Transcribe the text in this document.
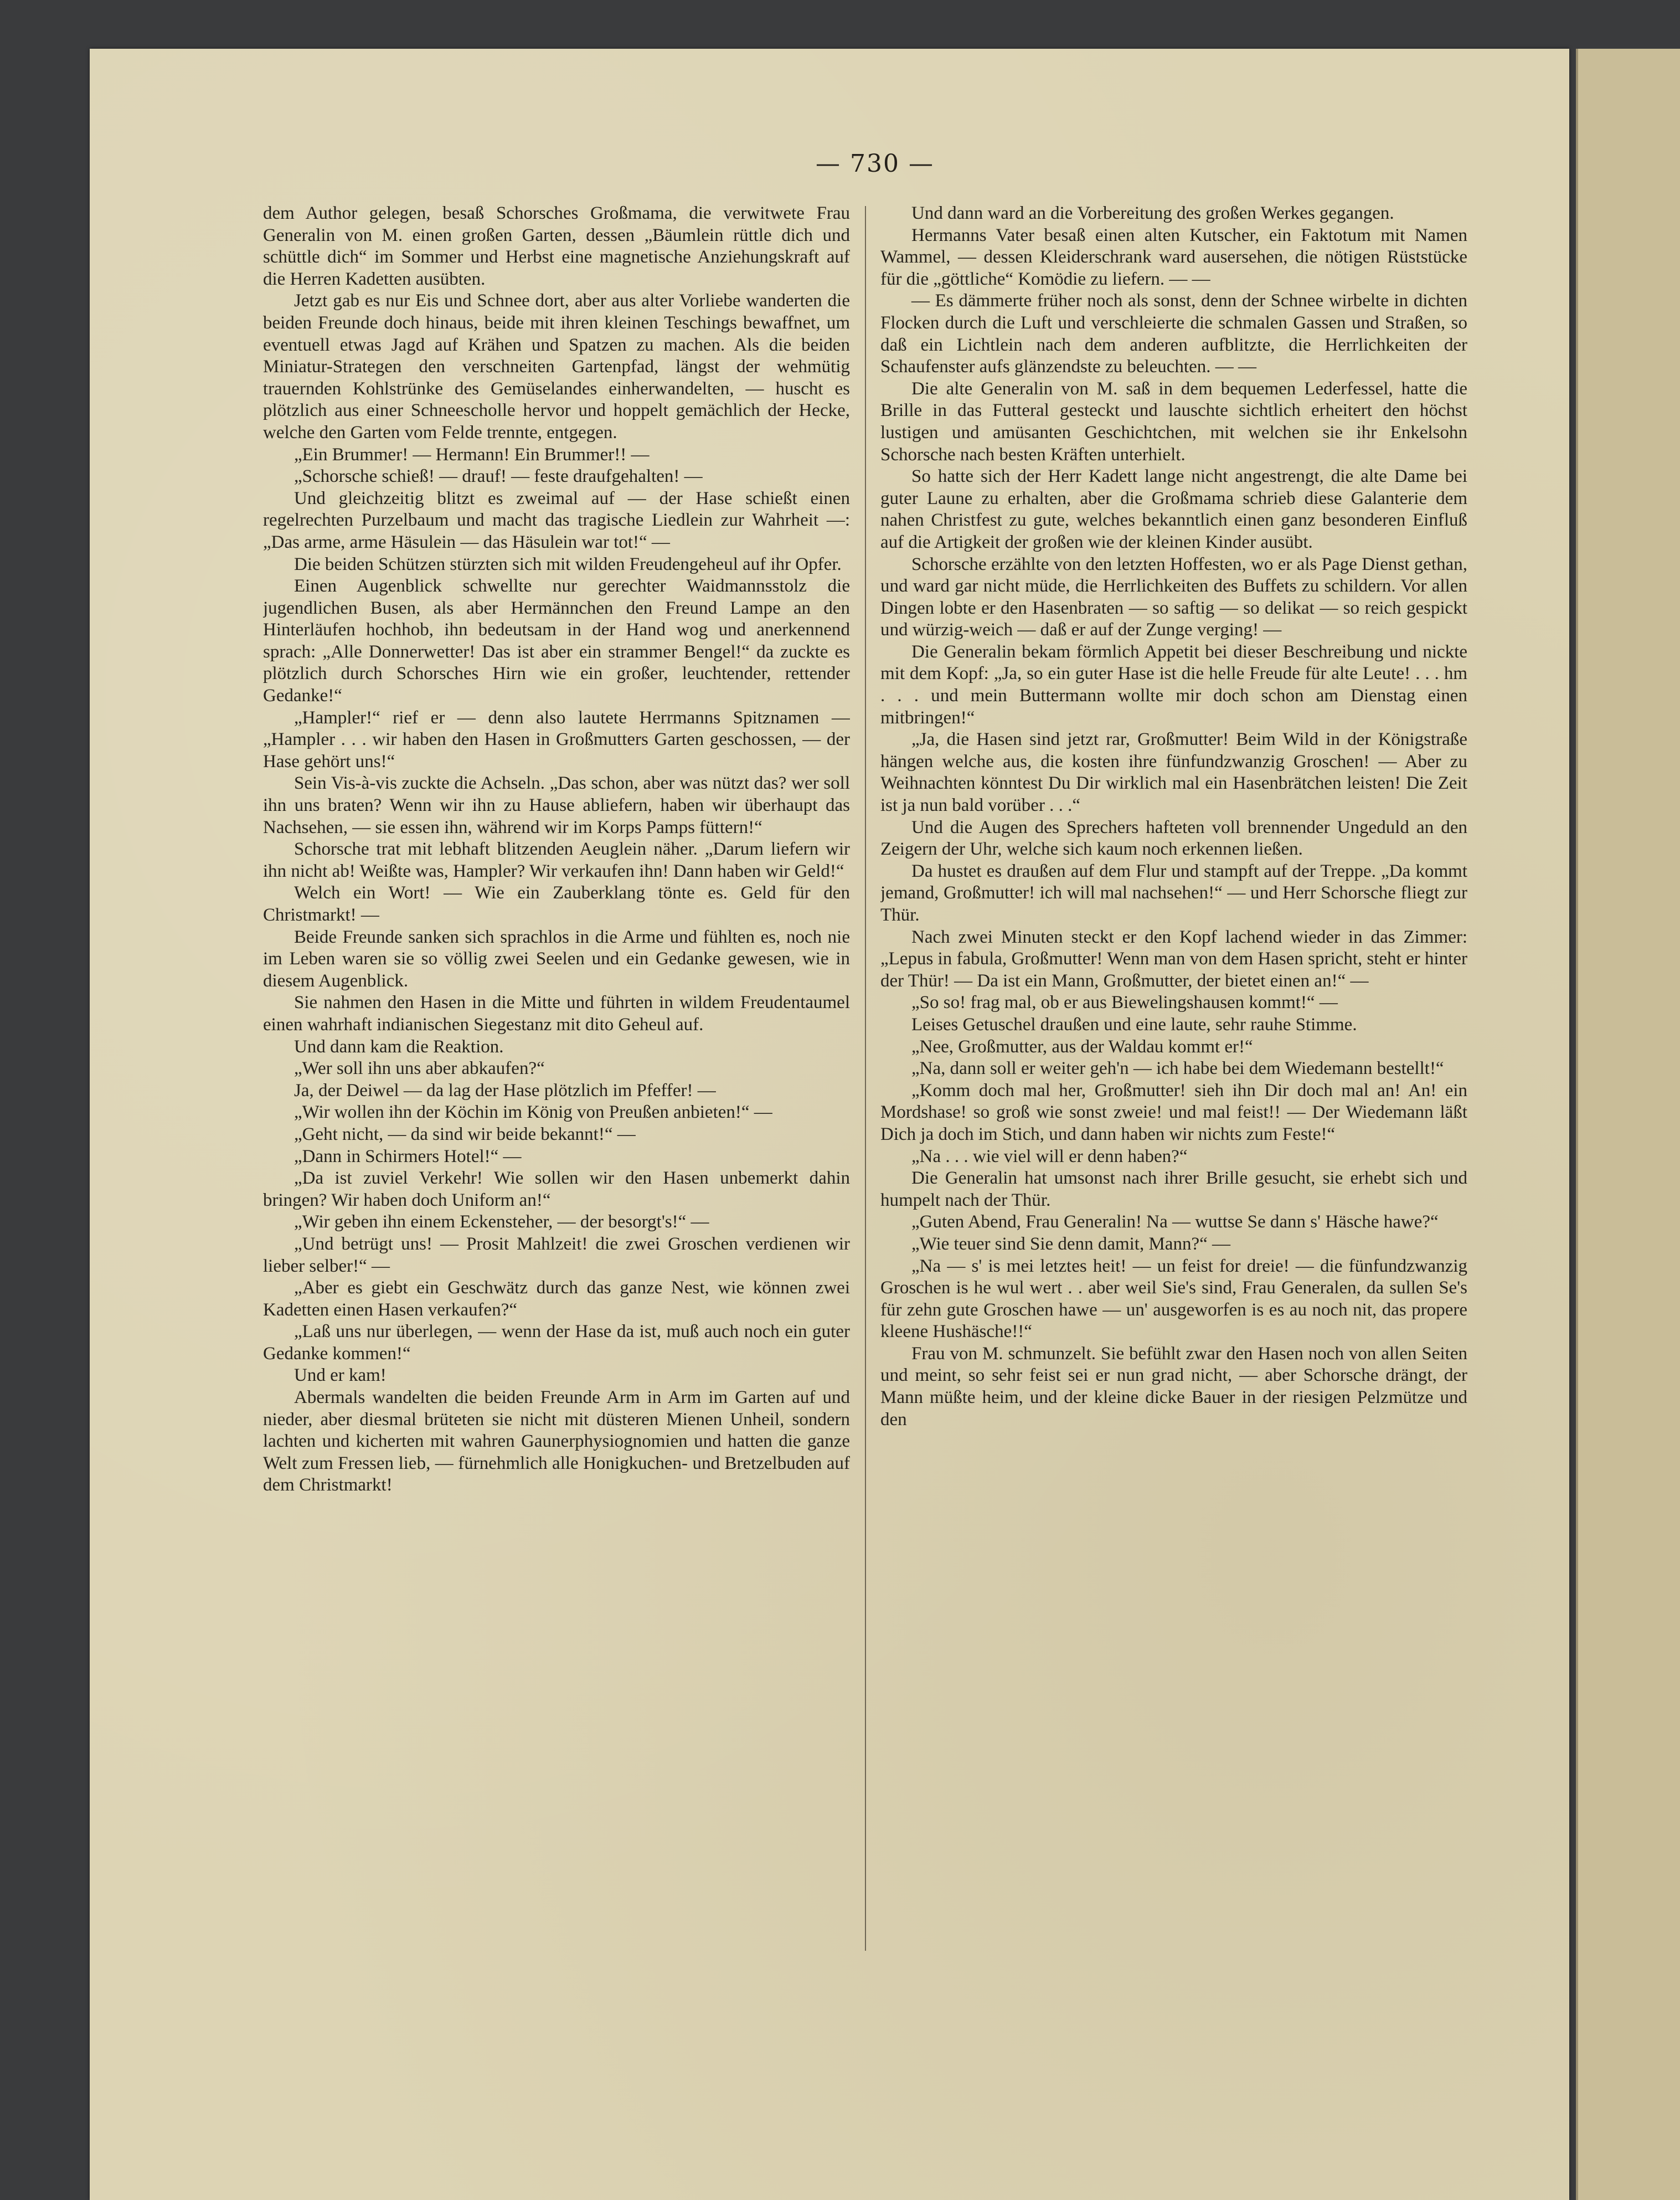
— 730 —

dem Author gelegen, besaß Schorsches Großmama, die verwitwete Frau Generalin von M. einen großen Garten, dessen „Bäumlein rüttle dich und schüttle dich“ im Sommer und Herbst eine magnetische Anziehungskraft auf die Herren Kadetten ausübten.

Jetzt gab es nur Eis und Schnee dort, aber aus alter Vorliebe wanderten die beiden Freunde doch hinaus, beide mit ihren kleinen Teschings bewaffnet, um eventuell etwas Jagd auf Krähen und Spatzen zu machen. Als die beiden Miniatur-Strategen den verschneiten Gartenpfad, längst der wehmütig trauernden Kohlstrünke des Gemüselandes einherwandelten, — huscht es plötzlich aus einer Schneescholle hervor und hoppelt gemächlich der Hecke, welche den Garten vom Felde trennte, entgegen.

„Ein Brummer! — Hermann! Ein Brummer!! —

„Schorsche schieß! — drauf! — feste draufgehalten! —

Und gleichzeitig blitzt es zweimal auf — der Hase schießt einen regelrechten Purzelbaum und macht das tragische Liedlein zur Wahrheit —: „Das arme, arme Häsulein — das Häsulein war tot!“ —

Die beiden Schützen stürzten sich mit wilden Freudengeheul auf ihr Opfer.

Einen Augenblick schwellte nur gerechter Waidmannsstolz die jugendlichen Busen, als aber Hermännchen den Freund Lampe an den Hinterläufen hochhob, ihn bedeutsam in der Hand wog und anerkennend sprach: „Alle Donnerwetter! Das ist aber ein strammer Bengel!“ da zuckte es plötzlich durch Schorsches Hirn wie ein großer, leuchtender, rettender Gedanke!“

„Hampler!“ rief er — denn also lautete Herrmanns Spitznamen — „Hampler . . . wir haben den Hasen in Großmutters Garten geschossen, — der Hase gehört uns!“

Sein Vis-à-vis zuckte die Achseln. „Das schon, aber was nützt das? wer soll ihn uns braten? Wenn wir ihn zu Hause abliefern, haben wir überhaupt das Nachsehen, — sie essen ihn, während wir im Korps Pamps füttern!“

Schorsche trat mit lebhaft blitzenden Aeuglein näher. „Darum liefern wir ihn nicht ab! Weißte was, Hampler? Wir verkaufen ihn! Dann haben wir Geld!“

Welch ein Wort! — Wie ein Zauberklang tönte es. Geld für den Christmarkt! —

Beide Freunde sanken sich sprachlos in die Arme und fühlten es, noch nie im Leben waren sie so völlig zwei Seelen und ein Gedanke gewesen, wie in diesem Augenblick.

Sie nahmen den Hasen in die Mitte und führten in wildem Freudentaumel einen wahrhaft indianischen Siegestanz mit dito Geheul auf.

Und dann kam die Reaktion.

„Wer soll ihn uns aber abkaufen?“

Ja, der Deiwel — da lag der Hase plötzlich im Pfeffer! —

„Wir wollen ihn der Köchin im König von Preußen anbieten!“ —

„Geht nicht, — da sind wir beide bekannt!“ —

„Dann in Schirmers Hotel!“ —

„Da ist zuviel Verkehr! Wie sollen wir den Hasen unbemerkt dahin bringen? Wir haben doch Uniform an!“

„Wir geben ihn einem Eckensteher, — der besorgt's!“ —

„Und betrügt uns! — Prosit Mahlzeit! die zwei Groschen verdienen wir lieber selber!“ —

„Aber es giebt ein Geschwätz durch das ganze Nest, wie können zwei Kadetten einen Hasen verkaufen?“

„Laß uns nur überlegen, — wenn der Hase da ist, muß auch noch ein guter Gedanke kommen!“

Und er kam!

Abermals wandelten die beiden Freunde Arm in Arm im Garten auf und nieder, aber diesmal brüteten sie nicht mit düsteren Mienen Unheil, sondern lachten und kicherten mit wahren Gaunerphysiognomien und hatten die ganze Welt zum Fressen lieb, — fürnehmlich alle Honigkuchen- und Bretzelbuden auf dem Christmarkt!

Und dann ward an die Vorbereitung des großen Werkes gegangen.

Hermanns Vater besaß einen alten Kutscher, ein Faktotum mit Namen Wammel, — dessen Kleiderschrank ward ausersehen, die nötigen Rüststücke für die „göttliche“ Komödie zu liefern. — —

— Es dämmerte früher noch als sonst, denn der Schnee wirbelte in dichten Flocken durch die Luft und verschleierte die schmalen Gassen und Straßen, so daß ein Lichtlein nach dem anderen aufblitzte, die Herrlichkeiten der Schaufenster aufs glänzendste zu beleuchten. — —

Die alte Generalin von M. saß in dem bequemen Lederfessel, hatte die Brille in das Futteral gesteckt und lauschte sichtlich erheitert den höchst lustigen und amüsanten Geschichtchen, mit welchen sie ihr Enkelsohn Schorsche nach besten Kräften unterhielt.

So hatte sich der Herr Kadett lange nicht angestrengt, die alte Dame bei guter Laune zu erhalten, aber die Großmama schrieb diese Galanterie dem nahen Christfest zu gute, welches bekanntlich einen ganz besonderen Einfluß auf die Artigkeit der großen wie der kleinen Kinder ausübt.

Schorsche erzählte von den letzten Hoffesten, wo er als Page Dienst gethan, und ward gar nicht müde, die Herrlichkeiten des Buffets zu schildern. Vor allen Dingen lobte er den Hasenbraten — so saftig — so delikat — so reich gespickt und würzig-weich — daß er auf der Zunge verging! —

Die Generalin bekam förmlich Appetit bei dieser Beschreibung und nickte mit dem Kopf: „Ja, so ein guter Hase ist die helle Freude für alte Leute! . . . hm . . . und mein Buttermann wollte mir doch schon am Dienstag einen mitbringen!“

„Ja, die Hasen sind jetzt rar, Großmutter! Beim Wild in der Königstraße hängen welche aus, die kosten ihre fünfundzwanzig Groschen! — Aber zu Weihnachten könntest Du Dir wirklich mal ein Hasenbrätchen leisten! Die Zeit ist ja nun bald vorüber . . .“

Und die Augen des Sprechers hafteten voll brennender Ungeduld an den Zeigern der Uhr, welche sich kaum noch erkennen ließen.

Da hustet es draußen auf dem Flur und stampft auf der Treppe. „Da kommt jemand, Großmutter! ich will mal nachsehen!“ — und Herr Schorsche fliegt zur Thür.

Nach zwei Minuten steckt er den Kopf lachend wieder in das Zimmer: „Lepus in fabula, Großmutter! Wenn man von dem Hasen spricht, steht er hinter der Thür! — Da ist ein Mann, Großmutter, der bietet einen an!“ —

„So so! frag mal, ob er aus Biewelingshausen kommt!“ —

Leises Getuschel draußen und eine laute, sehr rauhe Stimme.

„Nee, Großmutter, aus der Waldau kommt er!“

„Na, dann soll er weiter geh'n — ich habe bei dem Wiedemann bestellt!“

„Komm doch mal her, Großmutter! sieh ihn Dir doch mal an! An! ein Mordshase! so groß wie sonst zweie! und mal feist!! — Der Wiedemann läßt Dich ja doch im Stich, und dann haben wir nichts zum Feste!“

„Na . . . wie viel will er denn haben?“

Die Generalin hat umsonst nach ihrer Brille gesucht, sie erhebt sich und humpelt nach der Thür.

„Guten Abend, Frau Generalin! Na — wuttse Se dann s' Häsche hawe?“

„Wie teuer sind Sie denn damit, Mann?“ —

„Na — s' is mei letztes heit! — un feist for dreie! — die fünfundzwanzig Groschen is he wul wert . . aber weil Sie's sind, Frau Generalen, da sullen Se's für zehn gute Groschen hawe — un' ausgeworfen is es au noch nit, das propere kleene Hushäsche!!“

Frau von M. schmunzelt. Sie befühlt zwar den Hasen noch von allen Seiten und meint, so sehr feist sei er nun grad nicht, — aber Schorsche drängt, der Mann müßte heim, und der kleine dicke Bauer in der riesigen Pelzmütze und den
